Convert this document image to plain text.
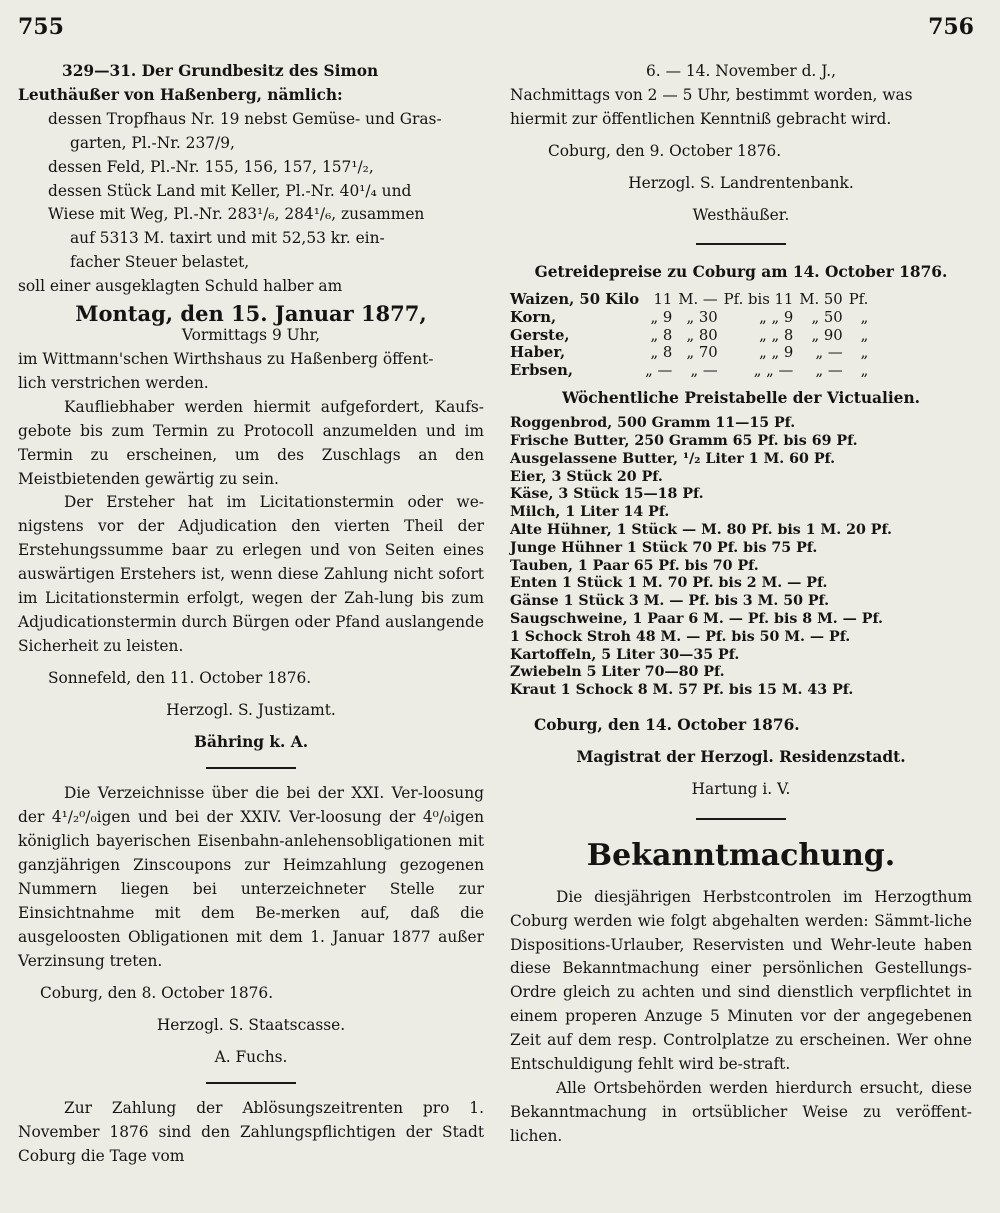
755	756

329—31. Der Grundbesitz des Simon

Leuthäußer von Haßenberg, nämlich:

dessen Tropfhaus Nr. 19 nebst Gemüse- und Gras-

garten, Pl.-Nr. 237/9,

dessen Feld, Pl.-Nr. 155, 156, 157, 157¹/₂,

dessen Stück Land mit Keller, Pl.-Nr. 40¹/₄ und

Wiese mit Weg, Pl.-Nr. 283¹/₆, 284¹/₆, zusammen

auf 5313 M. taxirt und mit 52,53 kr. ein-

facher Steuer belastet,

soll einer ausgeklagten Schuld halber am

Montag, den 15. Januar 1877,

Vormittags 9 Uhr,

im Wittmann'schen Wirthshaus zu Haßenberg öffent-

lich verstrichen werden.

Kaufliebhaber werden hiermit aufgefordert, Kaufs-gebote bis zum Termin zu Protocoll anzumelden und im Termin zu erscheinen, um des Zuschlags an den Meistbietenden gewärtig zu sein.

Der Ersteher hat im Licitationstermin oder we-nigstens vor der Adjudication den vierten Theil der Erstehungssumme baar zu erlegen und von Seiten eines auswärtigen Erstehers ist, wenn diese Zahlung nicht sofort im Licitationstermin erfolgt, wegen der Zah-lung bis zum Adjudicationstermin durch Bürgen oder Pfand auslangende Sicherheit zu leisten.

Sonnefeld, den 11. October 1876.

Herzogl. S. Justizamt.

Bähring k. A.

Die Verzeichnisse über die bei der XXI. Ver-loosung der 4¹/₂⁰/₀igen und bei der XXIV. Ver-loosung der 4⁰/₀igen königlich bayerischen Eisenbahn-anlehensobligationen mit ganzjährigen Zinscoupons zur Heimzahlung gezogenen Nummern liegen bei unterzeichneter Stelle zur Einsichtnahme mit dem Be-merken auf, daß die ausgeloosten Obligationen mit dem 1. Januar 1877 außer Verzinsung treten.

Coburg, den 8. October 1876.

Herzogl. S. Staatscasse.

A. Fuchs.

Zur Zahlung der Ablösungszeitrenten pro 1. November 1876 sind den Zahlungspflichtigen der Stadt Coburg die Tage vom

6. — 14. November d. J.,

Nachmittags von 2 — 5 Uhr, bestimmt worden, was

hiermit zur öffentlichen Kenntniß gebracht wird.

Coburg, den 9. October 1876.

Herzogl. S. Landrentenbank.

Westhäußer.

Getreidepreise zu Coburg am 14. October 1876.

Waizen, 50 Kilo	11	M. —	Pf. bis 11	M. 50	Pf.
Korn,	„ 9	„ 30	„ „ 9	„ 50	„
Gerste,	„ 8	„ 80	„ „ 8	„ 90	„
Haber,	„ 8	„ 70	„ „ 9	„ —	„
Erbsen,	„ —	„ —	„ „ —	„ —	„

Wöchentliche Preistabelle der Victualien.

Roggenbrod, 500 Gramm 11—15 Pf.
Frische Butter, 250 Gramm 65 Pf. bis 69 Pf.
Ausgelassene Butter, ¹/₂ Liter 1 M. 60 Pf.
Eier, 3 Stück 20 Pf.
Käse, 3 Stück 15—18 Pf.
Milch, 1 Liter 14 Pf.
Alte Hühner, 1 Stück — M. 80 Pf. bis 1 M. 20 Pf.
Junge Hühner 1 Stück 70 Pf. bis 75 Pf.
Tauben, 1 Paar 65 Pf. bis 70 Pf.
Enten 1 Stück 1 M. 70 Pf. bis 2 M. — Pf.
Gänse 1 Stück 3 M. — Pf. bis 3 M. 50 Pf.
Saugschweine, 1 Paar 6 M. — Pf. bis 8 M. — Pf.
1 Schock Stroh 48 M. — Pf. bis 50 M. — Pf.
Kartoffeln, 5 Liter 30—35 Pf.
Zwiebeln 5 Liter 70—80 Pf.
Kraut 1 Schock 8 M. 57 Pf. bis 15 M. 43 Pf.

Coburg, den 14. October 1876.

Magistrat der Herzogl. Residenzstadt.

Hartung i. V.

Bekanntmachung.

Die diesjährigen Herbstcontrolen im Herzogthum Coburg werden wie folgt abgehalten werden: Sämmt-liche Dispositions-Urlauber, Reservisten und Wehr-leute haben diese Bekanntmachung einer persönlichen Gestellungs-Ordre gleich zu achten und sind dienstlich verpflichtet in einem properen Anzuge 5 Minuten vor der angegebenen Zeit auf dem resp. Controlplatze zu erscheinen. Wer ohne Entschuldigung fehlt wird be-straft.

Alle Ortsbehörden werden hierdurch ersucht, diese Bekanntmachung in ortsüblicher Weise zu veröffent-lichen.
